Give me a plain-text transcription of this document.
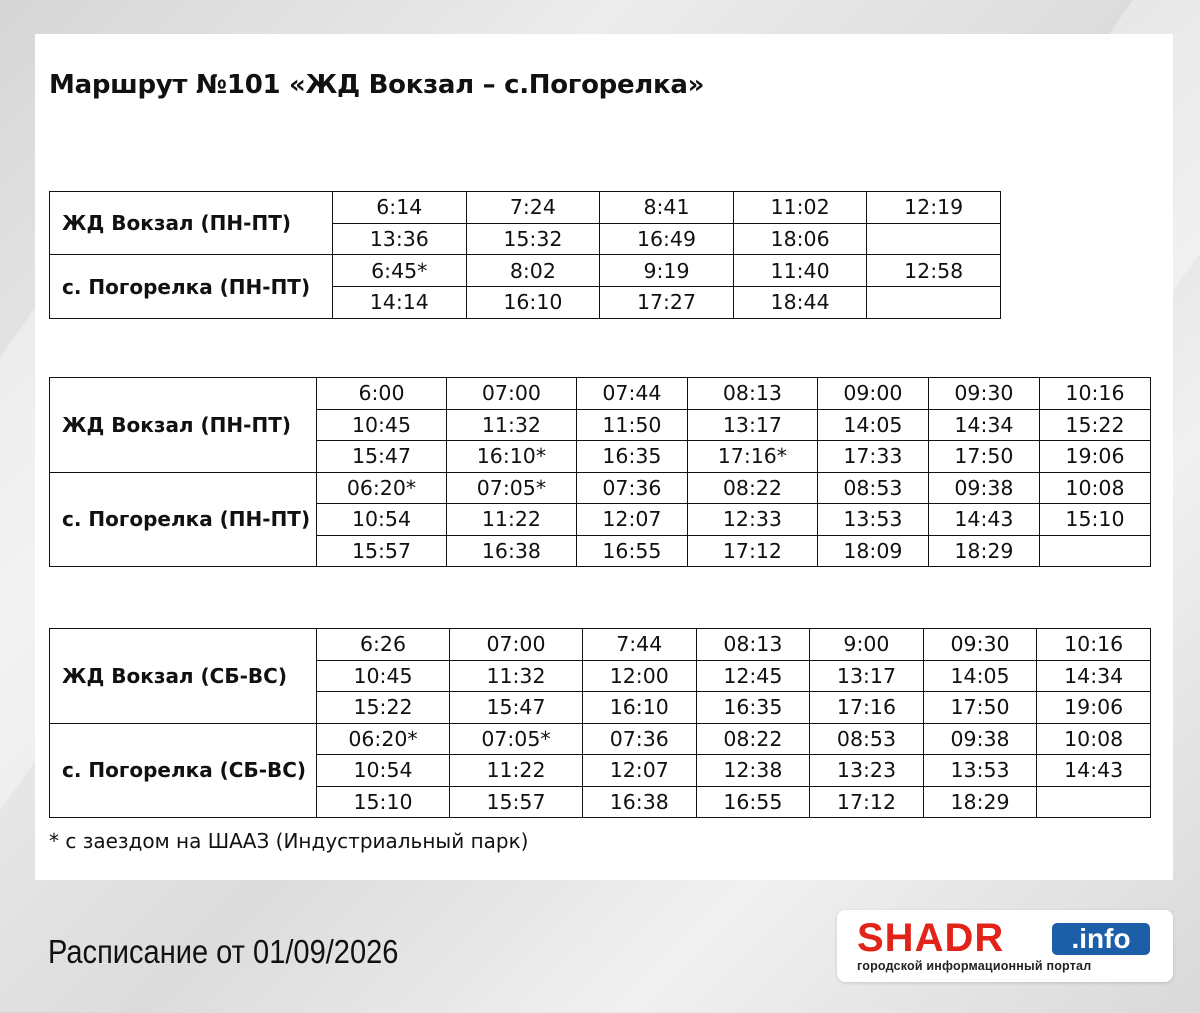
Маршрут №101 «ЖД Вокзал – с.Погорелка»
ЖД Вокзал (ПН-ПТ)	6:14	7:24	8:41	11:02	12:19
	13:36	15:32	16:49	18:06	
с. Погорелка (ПН-ПТ)	6:45*	8:02	9:19	11:40	12:58
	14:14	16:10	17:27	18:44	
ЖД Вокзал (ПН-ПТ)	6:00	07:00	07:44	08:13	09:00	09:30	10:16
	10:45	11:32	11:50	13:17	14:05	14:34	15:22
	15:47	16:10*	16:35	17:16*	17:33	17:50	19:06
с. Погорелка (ПН-ПТ)	06:20*	07:05*	07:36	08:22	08:53	09:38	10:08
	10:54	11:22	12:07	12:33	13:53	14:43	15:10
	15:57	16:38	16:55	17:12	18:09	18:29	
ЖД Вокзал (СБ-ВС)	6:26	07:00	7:44	08:13	9:00	09:30	10:16
	10:45	11:32	12:00	12:45	13:17	14:05	14:34
	15:22	15:47	16:10	16:35	17:16	17:50	19:06
с. Погорелка (СБ-ВС)	06:20*	07:05*	07:36	08:22	08:53	09:38	10:08
	10:54	11:22	12:07	12:38	13:23	13:53	14:43
	15:10	15:57	16:38	16:55	17:12	18:29	
* с заездом на ШААЗ (Индустриальный парк)
Расписание от 01/09/2026	SHADR	.info
городской информационный портал
